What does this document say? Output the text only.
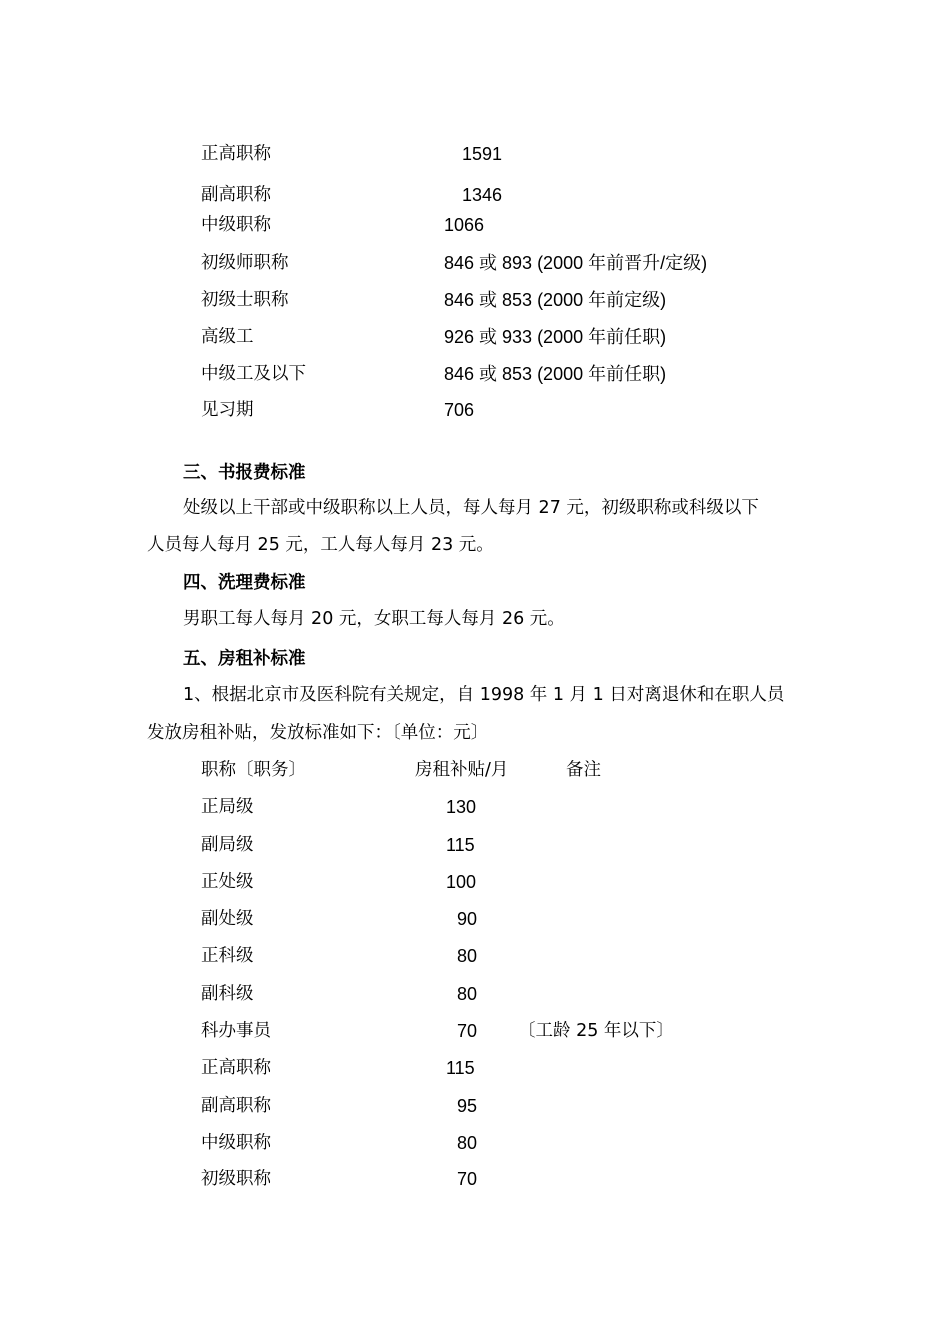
正高职称	1591
副高职称	1346
中级职称	1066
初级师职称	846 或 893 (2000 年前晋升/定级)
初级士职称	846 或 853 (2000 年前定级)
高级工	926 或 933 (2000 年前任职)
中级工及以下	846 或 853 (2000 年前任职)
见习期	706
三、书报费标准
处级以上干部或中级职称以上人员，每人每月 27 元，初级职称或科级以下
人员每人每月 25 元，工人每人每月 23 元。
四、洗理费标准
男职工每人每月 20 元，女职工每人每月 26 元。
五、房租补标准
1、根据北京市及医科院有关规定，自 1998 年 1 月 1 日对离退休和在职人员
发放房租补贴，发放标准如下：〔单位：元〕
职称〔职务〕	房租补贴/月	备注
正局级	130
副局级	115
正处级	100
副处级	90
正科级	80
副科级	80
科办事员	70 〔工龄 25 年以下〕
正高职称	115
副高职称	95
中级职称	80
初级职称	70
